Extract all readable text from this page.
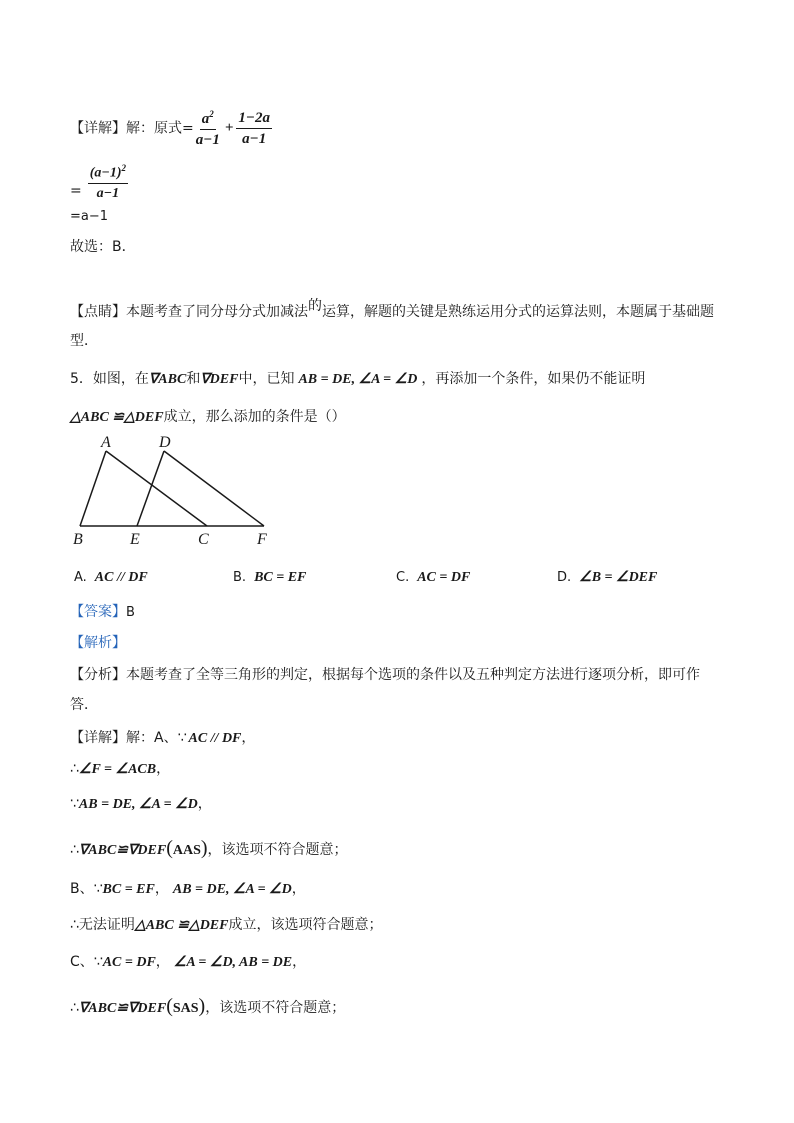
【详解】解：原式= $\frac{a^2}{a-1} + \frac{1-2a}{a-1}$
= $\frac{(a-1)^2}{a-1}$
=a−1
故选：B．
【点睛】本题考查了同分母分式加减法的运算，解题的关键是熟练运用分式的运算法则，本题属于基础题
型．
5．如图，在∇ABC和∇DEF中，已知 AB = DE, ∠A = ∠D ，再添加一个条件，如果仍不能证明
△ABC ≌△DEF成立，那么添加的条件是（）
A	D
B	E	C	F
A. AC // DF	B. BC = EF	C. AC = DF	D. ∠B = ∠DEF
【答案】B
【解析】
【分析】本题考查了全等三角形的判定，根据每个选项的条件以及五种判定方法进行逐项分析，即可作
答．
【详解】解：A、∵ AC // DF，
∴∠F = ∠ACB，
∵AB = DE, ∠A = ∠D，
∴∇ABC≌∇DEF(AAS)，该选项不符合题意；
B、∵BC = EF， AB = DE, ∠A = ∠D，
∴无法证明△ABC ≌△DEF成立，该选项符合题意；
C、∵AC = DF， ∠A = ∠D, AB = DE，
∴∇ABC≌∇DEF(SAS)，该选项不符合题意；
